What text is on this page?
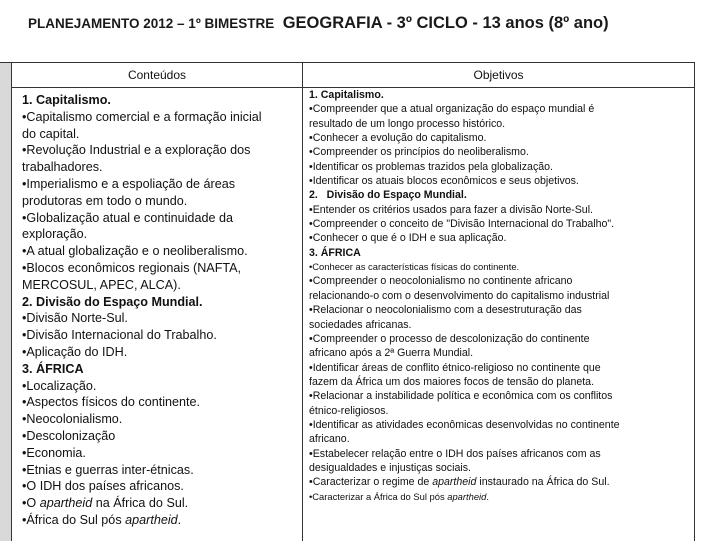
PLANEJAMENTO 2012 – 1º BIMESTRE GEOGRAFIA - 3º CICLO - 13 anos (8º ano)
Conteúdos	Objetivos
1. Capitalismo.
•Capitalismo comercial e a formação inicial
do capital.
•Revolução Industrial e a exploração dos
trabalhadores.
•Imperialismo e a espoliação de áreas
produtoras em todo o mundo.
•Globalização atual e continuidade da
exploração.
•A atual globalização e o neoliberalismo.
•Blocos econômicos regionais (NAFTA,
MERCOSUL, APEC, ALCA).
2. Divisão do Espaço Mundial.
•Divisão Norte-Sul.
•Divisão Internacional do Trabalho.
•Aplicação do IDH.
3. ÁFRICA
•Localização.
•Aspectos físicos do continente.
•Neocolonialismo.
•Descolonização
•Economia.
•Etnias e guerras inter-étnicas.
•O IDH dos países africanos.
•O apartheid na África do Sul.
•África do Sul pós apartheid.
1. Capitalismo.
•Compreender que a atual organização do espaço mundial é
resultado de um longo processo histórico.
•Conhecer a evolução do capitalismo.
•Compreender os princípios do neoliberalismo.
•Identificar os problemas trazidos pela globalização.
•Identificar os atuais blocos econômicos e seus objetivos.
2.   Divisão do Espaço Mundial.
•Entender os critérios usados para fazer a divisão Norte-Sul.
•Compreender o conceito de "Divisão Internacional do Trabalho".
•Conhecer o que é o IDH e sua aplicação.
3. ÁFRICA
•Conhecer as características físicas do continente.
•Compreender o neocolonialismo no continente africano
relacionando-o com o desenvolvimento do capitalismo industrial
•Relacionar o neocolonialismo com a desestruturação das
sociedades africanas.
•Compreender o processo de descolonização do continente
africano após a 2ª Guerra Mundial.
•Identificar áreas de conflito étnico-religioso no continente que
fazem da África um dos maiores focos de tensão do planeta.
•Relacionar a instabilidade política e econômica com os conflitos
étnico-religiosos.
•Identificar as atividades econômicas desenvolvidas no continente
africano.
•Estabelecer relação entre o IDH dos países africanos com as
desigualdades e injustiças sociais.
•Caracterizar o regime de apartheid instaurado na África do Sul.
•Caracterizar a África do Sul pós apartheid.
